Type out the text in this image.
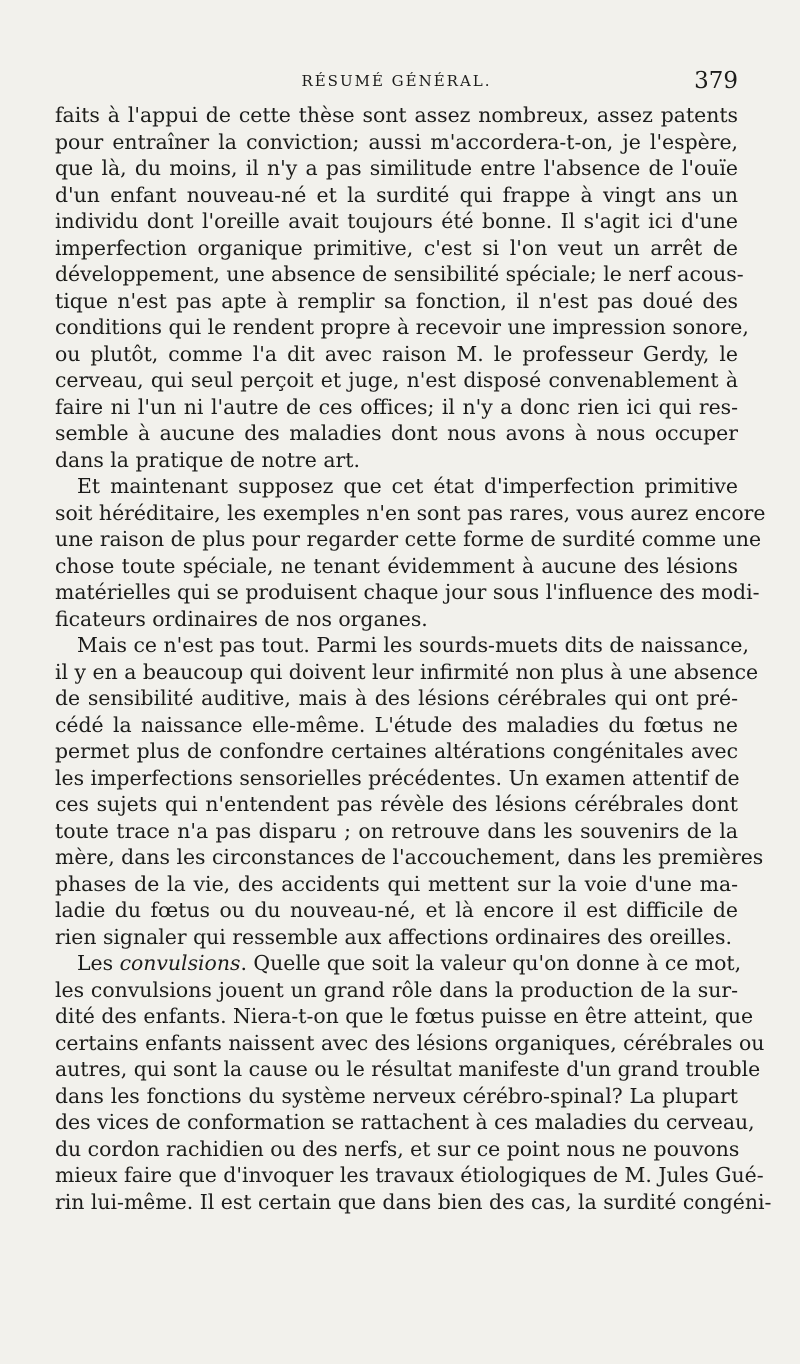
RÉSUMÉ GÉNÉRAL.	379

faits à l'appui de cette thèse sont assez nombreux, assez patents
pour entraîner la conviction; aussi m'accordera-t-on, je l'espère,
que là, du moins, il n'y a pas similitude entre l'absence de l'ouïe
d'un enfant nouveau-né et la surdité qui frappe à vingt ans un
individu dont l'oreille avait toujours été bonne. Il s'agit ici d'une
imperfection organique primitive, c'est si l'on veut un arrêt de
développement, une absence de sensibilité spéciale; le nerf acous-
tique n'est pas apte à remplir sa fonction, il n'est pas doué des
conditions qui le rendent propre à recevoir une impression sonore,
ou plutôt, comme l'a dit avec raison M. le professeur Gerdy, le
cerveau, qui seul perçoit et juge, n'est disposé convenablement à
faire ni l'un ni l'autre de ces offices; il n'y a donc rien ici qui res-
semble à aucune des maladies dont nous avons à nous occuper
dans la pratique de notre art.

Et maintenant supposez que cet état d'imperfection primitive
soit héréditaire, les exemples n'en sont pas rares, vous aurez encore
une raison de plus pour regarder cette forme de surdité comme une
chose toute spéciale, ne tenant évidemment à aucune des lésions
matérielles qui se produisent chaque jour sous l'influence des modi-
ficateurs ordinaires de nos organes.

Mais ce n'est pas tout. Parmi les sourds-muets dits de naissance,
il y en a beaucoup qui doivent leur infirmité non plus à une absence
de sensibilité auditive, mais à des lésions cérébrales qui ont pré-
cédé la naissance elle-même. L'étude des maladies du fœtus ne
permet plus de confondre certaines altérations congénitales avec
les imperfections sensorielles précédentes. Un examen attentif de
ces sujets qui n'entendent pas révèle des lésions cérébrales dont
toute trace n'a pas disparu ; on retrouve dans les souvenirs de la
mère, dans les circonstances de l'accouchement, dans les premières
phases de la vie, des accidents qui mettent sur la voie d'une ma-
ladie du fœtus ou du nouveau-né, et là encore il est difficile de
rien signaler qui ressemble aux affections ordinaires des oreilles.

Les convulsions. Quelle que soit la valeur qu'on donne à ce mot,
les convulsions jouent un grand rôle dans la production de la sur-
dité des enfants. Niera-t-on que le fœtus puisse en être atteint, que
certains enfants naissent avec des lésions organiques, cérébrales ou
autres, qui sont la cause ou le résultat manifeste d'un grand trouble
dans les fonctions du système nerveux cérébro-spinal? La plupart
des vices de conformation se rattachent à ces maladies du cerveau,
du cordon rachidien ou des nerfs, et sur ce point nous ne pouvons
mieux faire que d'invoquer les travaux étiologiques de M. Jules Gué-
rin lui-même. Il est certain que dans bien des cas, la surdité congéni-
